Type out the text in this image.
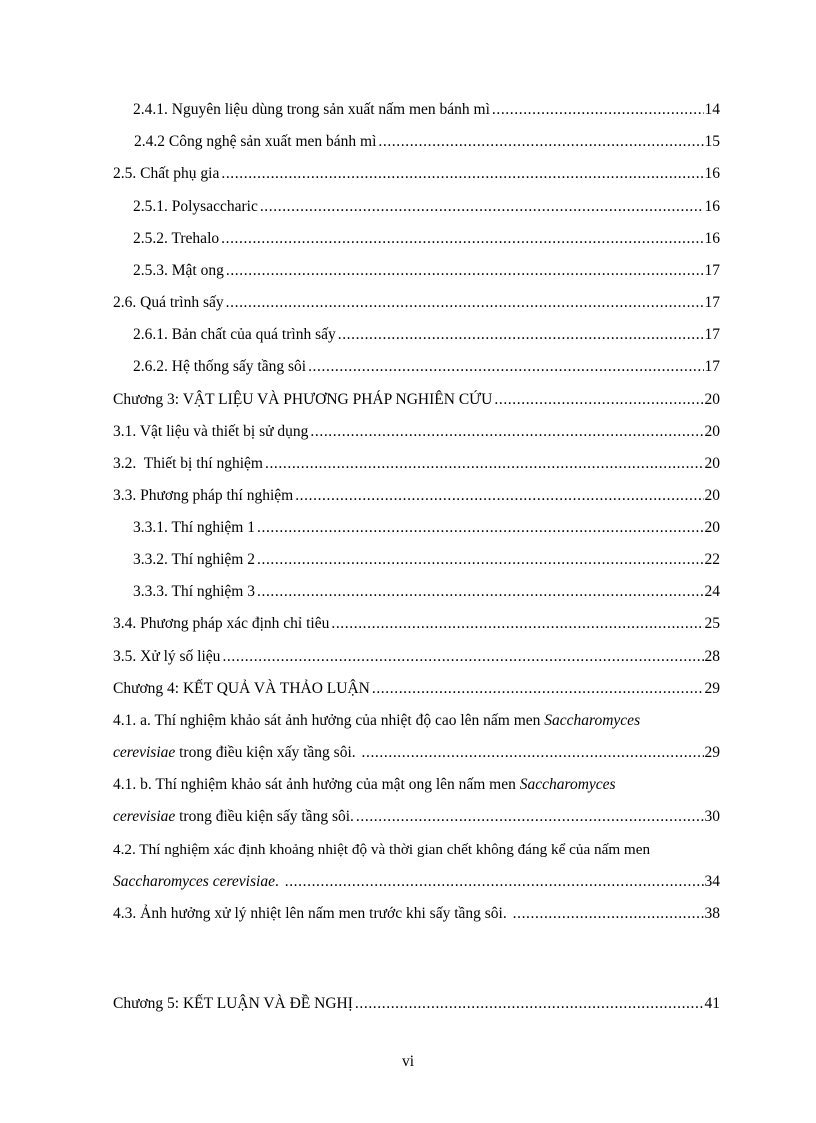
2.4.1. Nguyên liệu dùng trong sản xuất nấm men bánh mì .....	14
2.4.2 Công nghệ sản xuất men bánh mì .....	15
2.5. Chất phụ gia .....	16
2.5.1. Polysaccharic .....	16
2.5.2. Trehalo .....	16
2.5.3. Mật ong .....	17
2.6. Quá trình sấy .....	17
2.6.1. Bản chất của quá trình sấy .....	17
2.6.2. Hệ thống sấy tầng sôi .....	17
Chương 3: VẬT LIỆU VÀ PHƯƠNG PHÁP NGHIÊN CỨU .....	20
3.1. Vật liệu và thiết bị sử dụng .....	20
3.2.  Thiết bị thí nghiệm .....	20
3.3. Phương pháp thí nghiệm .....	20
3.3.1. Thí nghiệm 1 .....	20
3.3.2. Thí nghiệm 2 .....	22
3.3.3. Thí nghiệm 3 .....	24
3.4. Phương pháp xác định chỉ tiêu .....	25
3.5. Xử lý số liệu .....	28
Chương 4: KẾT QUẢ VÀ THẢO LUẬN .....	29
4.1. a. Thí nghiệm khảo sát ảnh hưởng của nhiệt độ cao lên nấm men Saccharomyces
cerevisiae trong điều kiện xấy tầng sôi. .....	29
4.1. b. Thí nghiệm khảo sát ảnh hưởng của mật ong lên nấm men Saccharomyces
cerevisiae trong điều kiện sấy tầng sôi. .....	30
4.2. Thí nghiệm xác định khoảng nhiệt độ và thời gian chết không đáng kể của nấm men
Saccharomyces cerevisiae. .....	34
4.3. Ảnh hưởng xử lý nhiệt lên nấm men trước khi sấy tầng sôi. .....	38
Chương 5: KẾT LUẬN VÀ ĐỀ NGHỊ .....	41
vi
